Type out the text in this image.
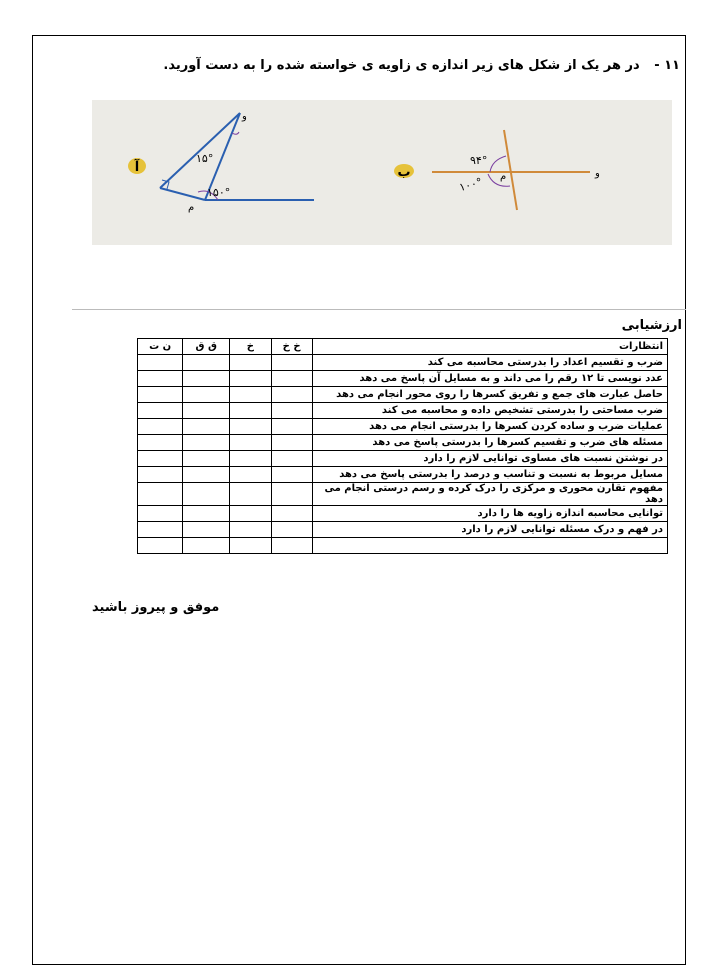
۱۱ - در هر یک از شکل های زیر اندازه ی زاویه ی خواسته شده را به دست آورید.
آ
۱۵°
۱۵۰°
و
م
ب
۹۴°
۱۰۰° م	و
ارزشیابی
انتظارات	خ خ	خ	ق ق	ن ت
ضرب و تقسیم اعداد را بدرستی محاسبه می کند				
عدد نویسی تا ۱۲ رقم را می داند و به مسایل آن پاسخ می دهد				
حاصل عبارت های جمع و تفریق کسرها را روی محور انجام می دهد				
ضرب مساحتی را بدرستی تشخیص داده و محاسبه می کند				
عملیات ضرب و ساده کردن کسرها را بدرستی انجام می دهد				
مسئله های ضرب و تقسیم کسرها را بدرستی پاسخ می دهد				
در نوشتن نسبت های مساوی توانایی لازم را دارد				
مسایل مربوط به نسبت و تناسب و درصد را بدرستی پاسخ می دهد				
مفهوم تقارن محوری و مرکزی را درک کرده و رسم درستی انجام می دهد				
توانایی محاسبه اندازه زاویه ها را دارد				
در فهم و درک مسئله توانایی لازم را دارد				

موفق و پیروز باشید
